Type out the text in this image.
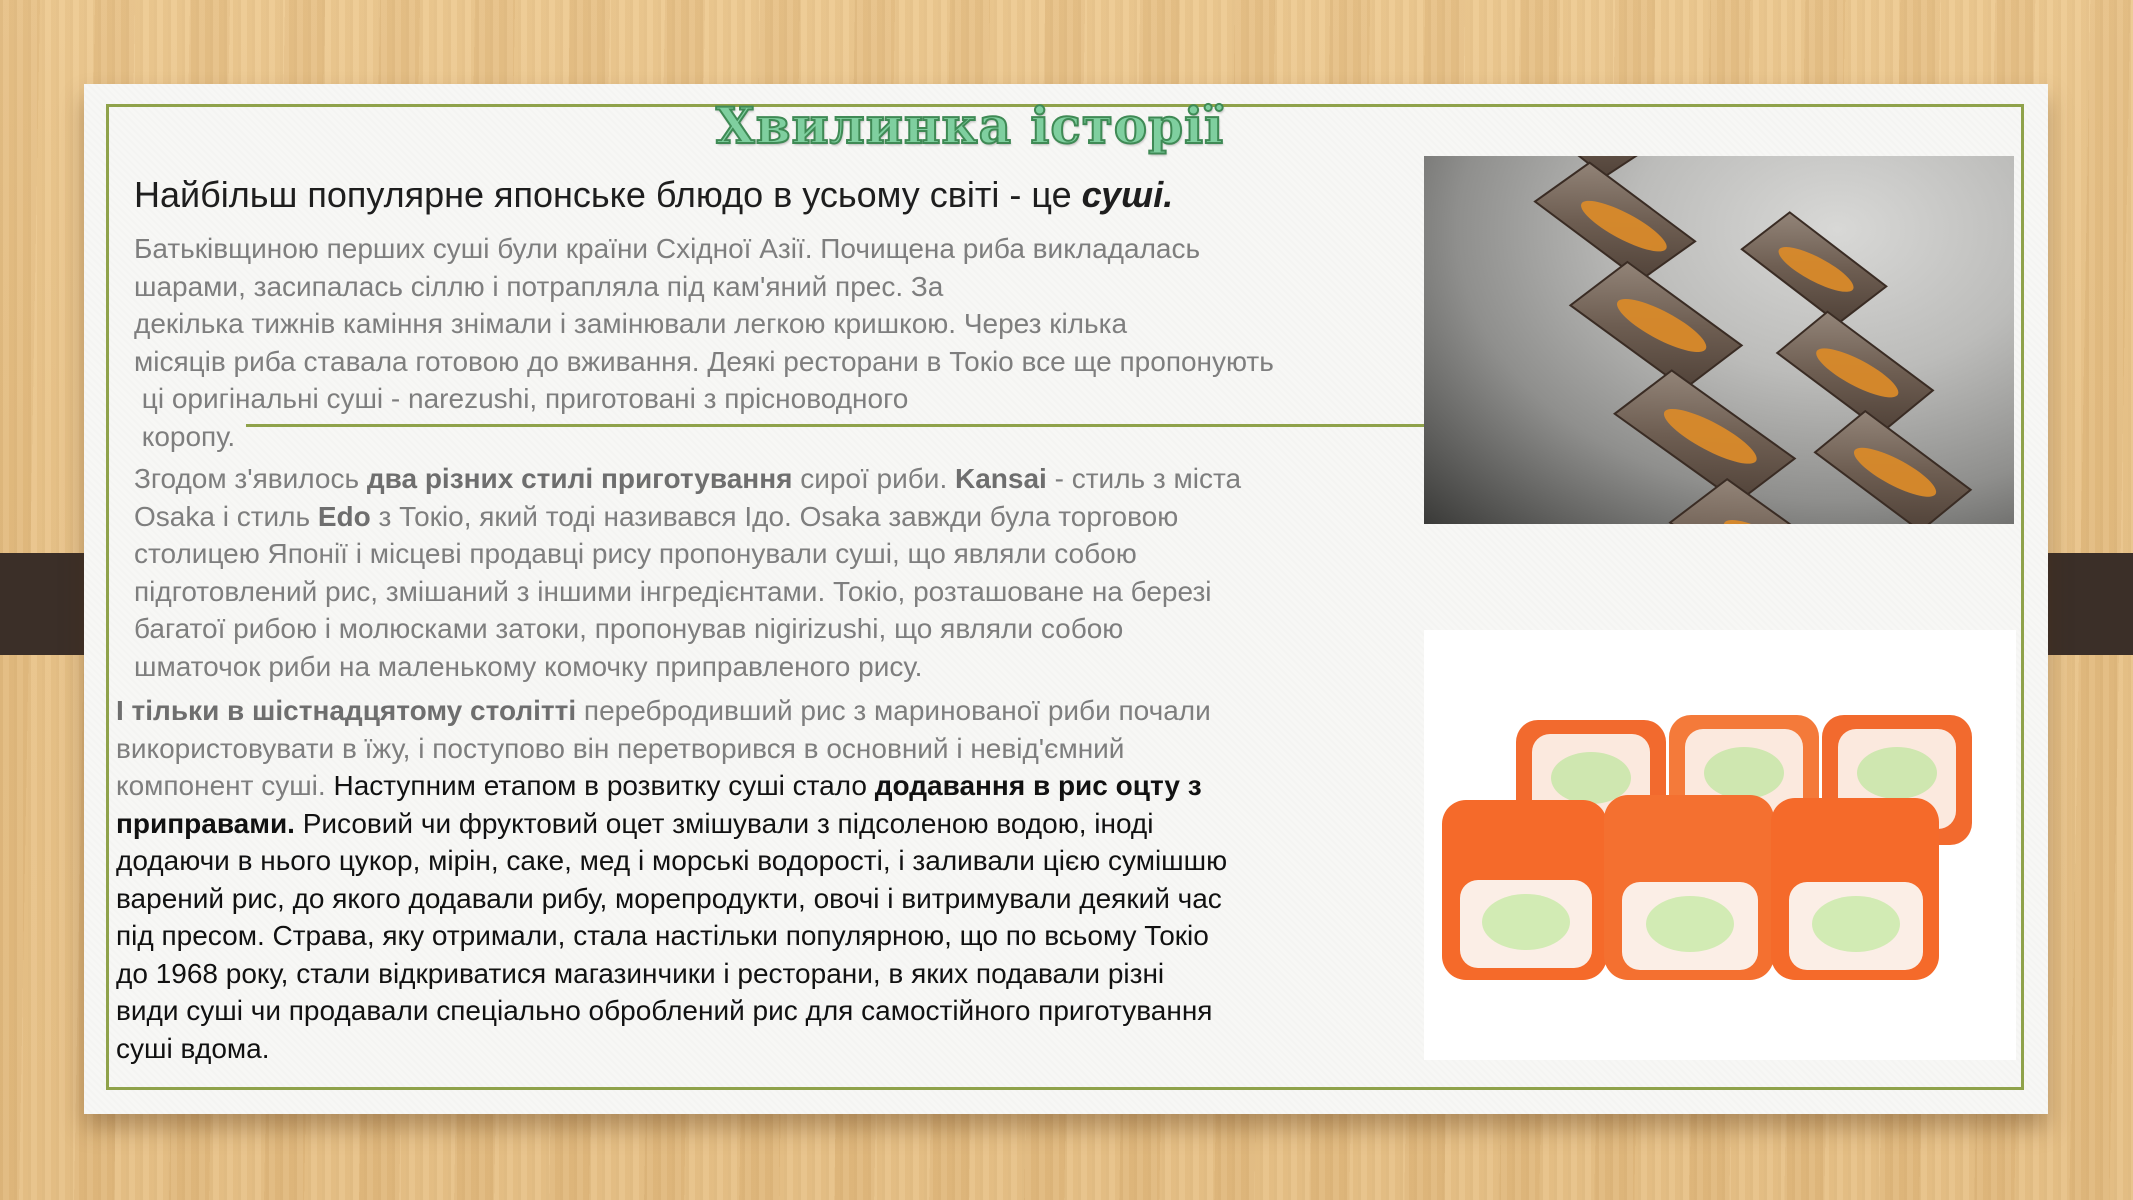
Хвилинка історії
Найбільш популярне японське блюдо в усьому світі - це суші.
Батьківщиною перших суші були країни Східної Азії. Почищена риба викладалась
шарами, засипалась сіллю і потрапляла під кам'яний прес. За
декілька тижнів каміння знімали і замінювали легкою кришкою. Через кілька
місяців риба ставала готовою до вживання. Деякі ресторани в Токіо все ще пропонують
ці оригінальні суші - narezushi, приготовані з прісноводного
коропу.
Згодом з'явилось два різних стилі приготування сирої риби. Kansai - стиль з міста
Osaka і стиль Edo з Токіо, який тоді називався Ідо. Osaka завжди була торговою
столицею Японії і місцеві продавці рису пропонували суші, що являли собою
підготовлений рис, змішаний з іншими інгредієнтами. Токіо, розташоване на березі
багатої рибою і молюсками затоки, пропонував nigirizushi, що являли собою
шматочок риби на маленькому комочку приправленого рису.
І тільки в шістнадцятому столітті перебродивший рис з маринованої риби почали
використовувати в їжу, і поступово він перетворився в основний і невід'ємний
компонент суші. Наступним етапом в розвитку суші стало додавання в рис оцту з
приправами. Рисовий чи фруктовий оцет змішували з підсоленою водою, іноді
додаючи в нього цукор, мірін, саке, мед і морські водорості, і заливали цією сумішшю
варений рис, до якого додавали рибу, морепродукти, овочі і витримували деякий час
під пресом. Страва, яку отримали, стала настільки популярною, що по всьому Токіо
до 1968 року, стали відкриватися магазинчики і ресторани, в яких подавали різні
види суші чи продавали спеціально оброблений рис для самостійного приготування
суші вдома.
